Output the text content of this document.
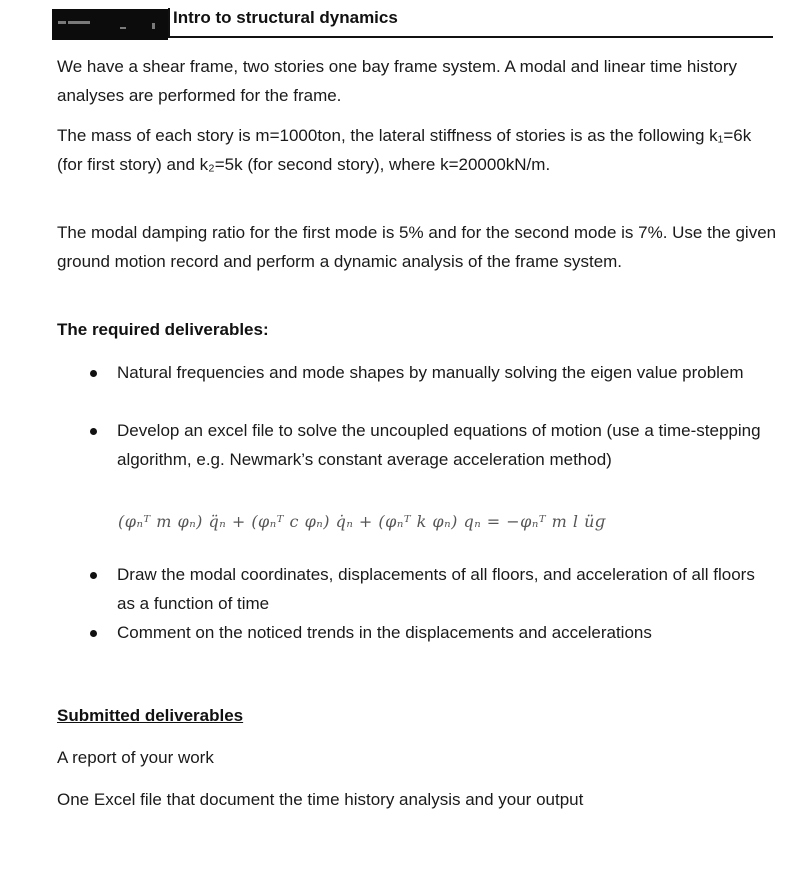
Intro to structural dynamics
We have a shear frame, two stories one bay frame system. A modal and linear time history analyses are performed for the frame.
The mass of each story is m=1000ton, the lateral stiffness of stories is as the following k₁=6k (for first story) and k₂=5k (for second story), where k=20000kN/m.
The modal damping ratio for the first mode is 5% and for the second mode is 7%. Use the given ground motion record and perform a dynamic analysis of the frame system.
The required deliverables:
Natural frequencies and mode shapes by manually solving the eigen value problem
Develop an excel file to solve the uncoupled equations of motion (use a time-stepping algorithm, e.g. Newmark’s constant average acceleration method)
Draw the modal coordinates, displacements of all floors, and acceleration of all floors as a function of time
Comment on the noticed trends in the displacements and accelerations
(φₙᵀ m φₙ) q̈ₙ + (φₙᵀ c φₙ) q̇ₙ + (φₙᵀ k φₙ) qₙ = −φₙᵀ m l üɡ
Submitted deliverables
A report of your work
One Excel file that document the time history analysis and your output
